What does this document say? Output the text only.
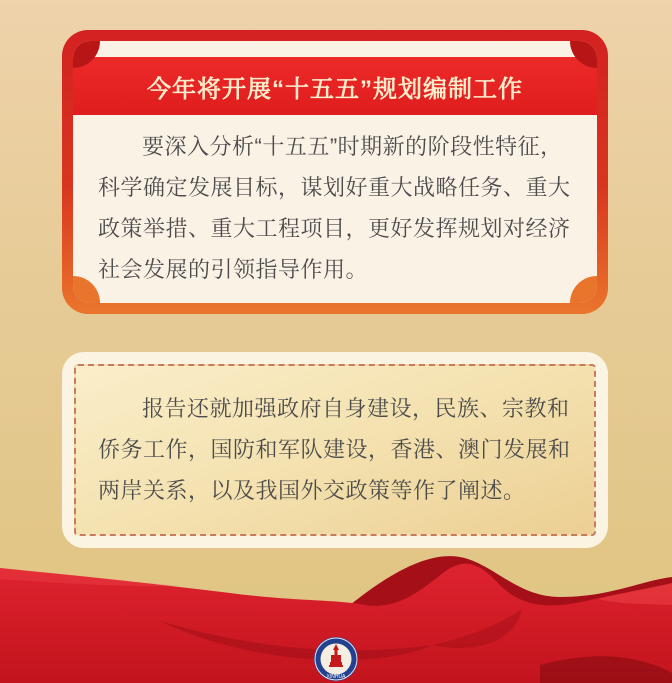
今年将开展“十五五”规划编制工作
要深入分析“十五五”时期新的阶段性特征，科学确定发展目标，谋划好重大战略任务、重大政策举措、重大工程项目，更好发挥规划对经济社会发展的引领指导作用。
报告还就加强政府自身建设，民族、宗教和侨务工作，国防和军队建设，香港、澳门发展和两岸关系，以及我国外交政策等作了阐述。
XINHUA
